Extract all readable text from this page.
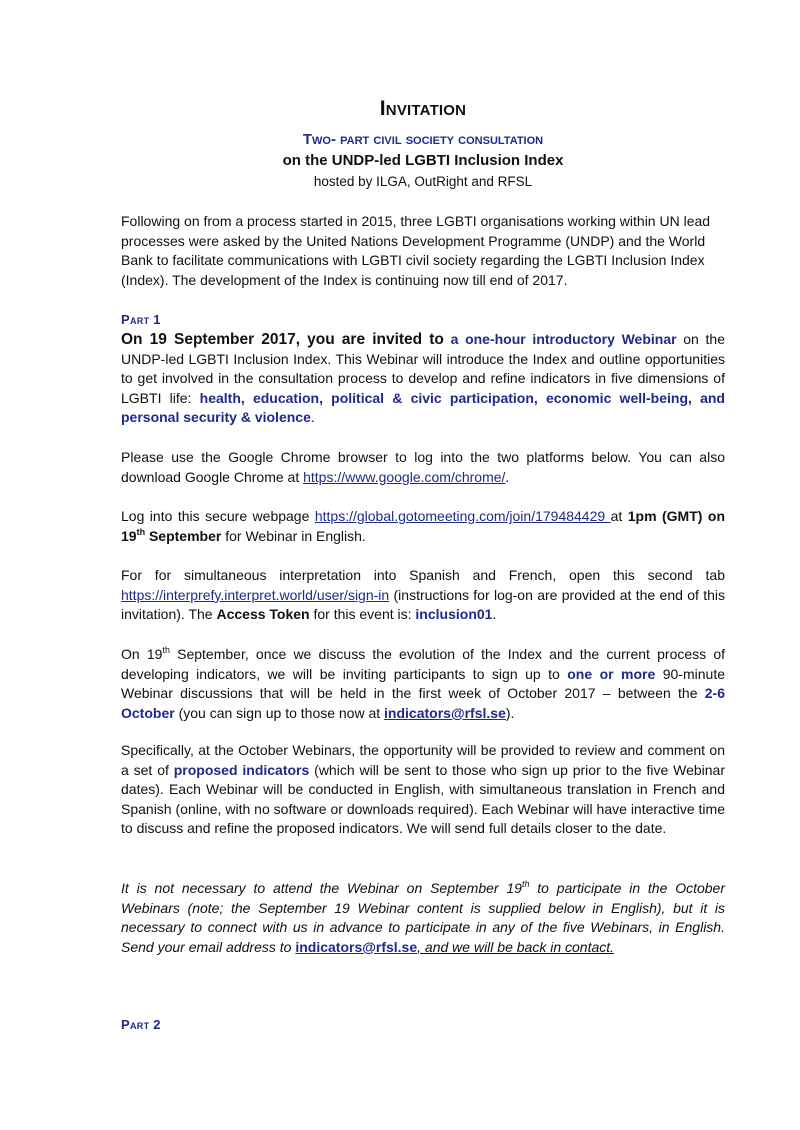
Invitation
Two- part civil society consultation
on the UNDP-led LGBTI Inclusion Index
hosted by ILGA, OutRight and RFSL
Following on from a process started in 2015, three LGBTI organisations working within UN lead processes were asked by the United Nations Development Programme (UNDP) and the World Bank to facilitate communications with LGBTI civil society regarding the LGBTI Inclusion Index (Index). The development of the Index is continuing now till end of 2017.
Part 1
On 19 September 2017, you are invited to a one-hour introductory Webinar on the UNDP-led LGBTI Inclusion Index. This Webinar will introduce the Index and outline opportunities to get involved in the consultation process to develop and refine indicators in five dimensions of LGBTI life: health, education, political & civic participation, economic well-being, and personal security & violence.
Please use the Google Chrome browser to log into the two platforms below. You can also download Google Chrome at https://www.google.com/chrome/.
Log into this secure webpage https://global.gotomeeting.com/join/179484429 at 1pm (GMT) on 19th September for Webinar in English.
For for simultaneous interpretation into Spanish and French, open this second tab https://interprefy.interpret.world/user/sign-in (instructions for log-on are provided at the end of this invitation). The Access Token for this event is: inclusion01.
On 19th September, once we discuss the evolution of the Index and the current process of developing indicators, we will be inviting participants to sign up to one or more 90-minute Webinar discussions that will be held in the first week of October 2017 – between the 2-6 October (you can sign up to those now at indicators@rfsl.se).
Specifically, at the October Webinars, the opportunity will be provided to review and comment on a set of proposed indicators (which will be sent to those who sign up prior to the five Webinar dates). Each Webinar will be conducted in English, with simultaneous translation in French and Spanish (online, with no software or downloads required). Each Webinar will have interactive time to discuss and refine the proposed indicators. We will send full details closer to the date.
It is not necessary to attend the Webinar on September 19th to participate in the October Webinars (note; the September 19 Webinar content is supplied below in English), but it is necessary to connect with us in advance to participate in any of the five Webinars, in English. Send your email address to indicators@rfsl.se, and we will be back in contact.
Part 2
